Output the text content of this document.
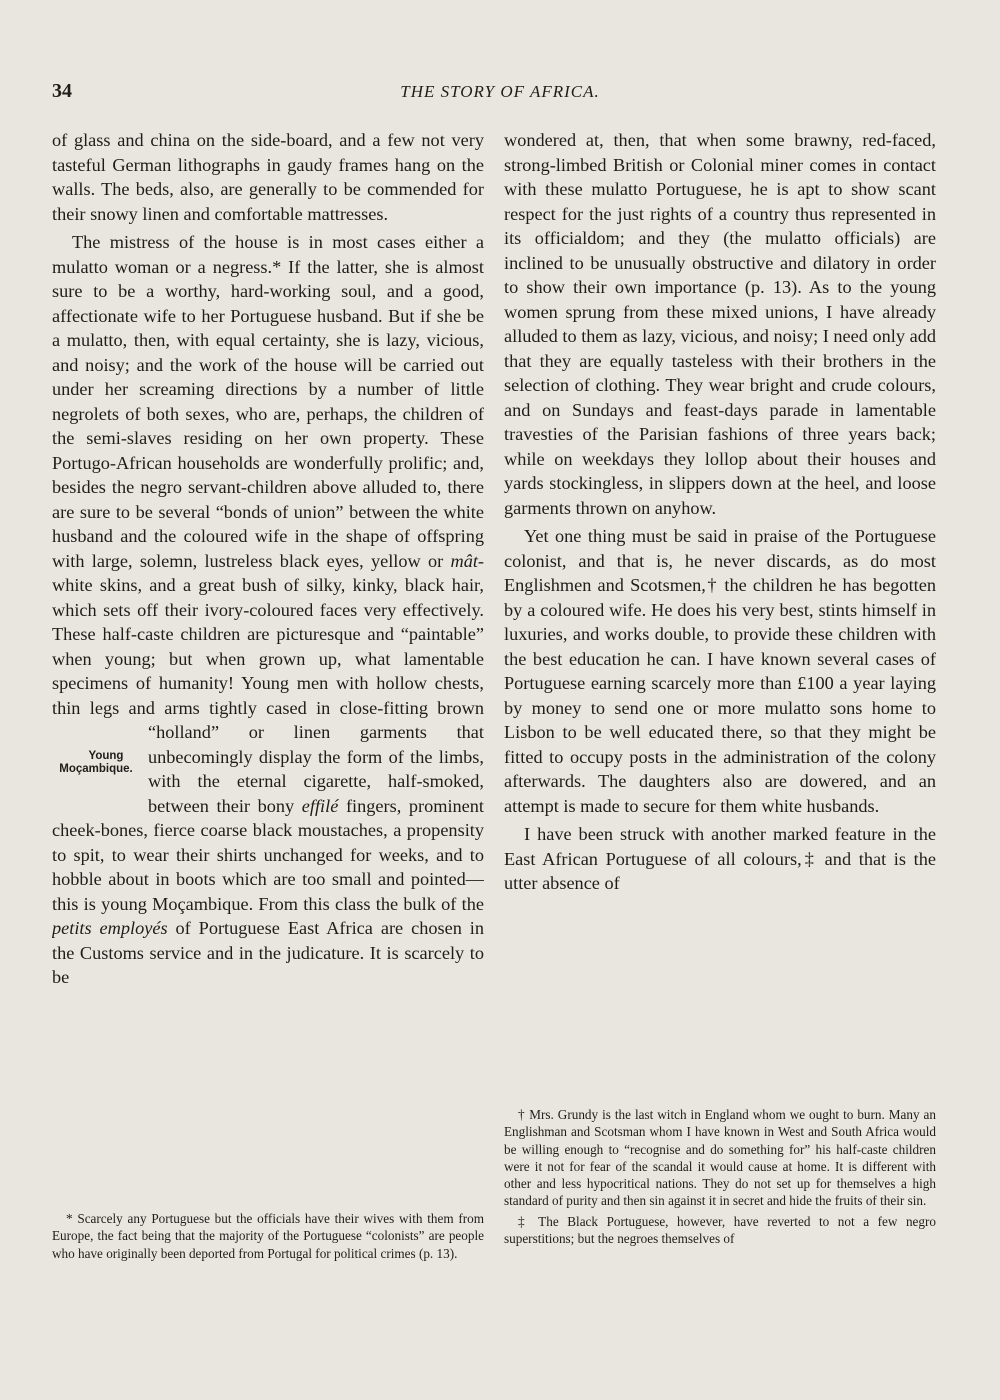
34	THE STORY OF AFRICA.

of glass and china on the side-board, and a few not very tasteful German lithographs in gaudy frames hang on the walls. The beds, also, are generally to be commended for their snowy linen and comfortable mattresses.

The mistress of the house is in most cases either a mulatto woman or a negress.* If the latter, she is almost sure to be a worthy, hard-working soul, and a good, affectionate wife to her Portuguese husband. But if she be a mulatto, then, with equal certainty, she is lazy, vicious, and noisy; and the work of the house will be carried out under her screaming directions by a number of little negrolets of both sexes, who are, perhaps, the children of the semi-slaves residing on her own property. These Portugo-African households are wonderfully prolific; and, besides the negro servant-children above alluded to, there are sure to be several “bonds of union” between the white husband and the coloured wife in the shape of offspring with large, solemn, lustreless black eyes, yellow or mât-white skins, and a great bush of silky, kinky, black hair, which sets off their ivory-coloured faces very effectively. These half-caste children are picturesque and “paintable” when young; but when grown up, what lamentable specimens of humanity! Young men with hollow chests, thin legs and arms tightly cased in close-fitting brown “holland” or
Young Moçambique.
linen garments that unbecomingly display the form of the limbs, with the eternal cigarette, half-smoked, between their bony effilé fingers, prominent cheek-bones, fierce coarse black moustaches, a propensity to spit, to wear their shirts unchanged for weeks, and to hobble about in boots which are too small and pointed—this is young Moçambique. From this class the bulk of the petits employés of Portuguese East Africa are chosen in the Customs service and in the judicature. It is scarcely to be

* Scarcely any Portuguese but the officials have their wives with them from Europe, the fact being that the majority of the Portuguese “colonists” are people who have originally been deported from Portugal for political crimes (p. 13).

wondered at, then, that when some brawny, red-faced, strong-limbed British or Colonial miner comes in contact with these mulatto Portuguese, he is apt to show scant respect for the just rights of a country thus represented in its officialdom; and they (the mulatto officials) are inclined to be unusually obstructive and dilatory in order to show their own importance (p. 13). As to the young women sprung from these mixed unions, I have already alluded to them as lazy, vicious, and noisy; I need only add that they are equally tasteless with their brothers in the selection of clothing. They wear bright and crude colours, and on Sundays and feast-days parade in lamentable travesties of the Parisian fashions of three years back; while on weekdays they lollop about their houses and yards stockingless, in slippers down at the heel, and loose garments thrown on anyhow.

Yet one thing must be said in praise of the Portuguese colonist, and that is, he never discards, as do most Englishmen and Scotsmen,† the children he has begotten by a coloured wife. He does his very best, stints himself in luxuries, and works double, to provide these children with the best education he can. I have known several cases of Portuguese earning scarcely more than £100 a year laying by money to send one or more mulatto sons home to Lisbon to be well educated there, so that they might be fitted to occupy posts in the administration of the colony afterwards. The daughters also are dowered, and an attempt is made to secure for them white husbands.

I have been struck with another marked feature in the East African Portuguese of all colours,‡ and that is the utter absence of

† Mrs. Grundy is the last witch in England whom we ought to burn. Many an Englishman and Scotsman whom I have known in West and South Africa would be willing enough to “recognise and do something for” his half-caste children were it not for fear of the scandal it would cause at home. It is different with other and less hypocritical nations. They do not set up for themselves a high standard of purity and then sin against it in secret and hide the fruits of their sin.

‡ The Black Portuguese, however, have reverted to not a few negro superstitions; but the negroes themselves of
